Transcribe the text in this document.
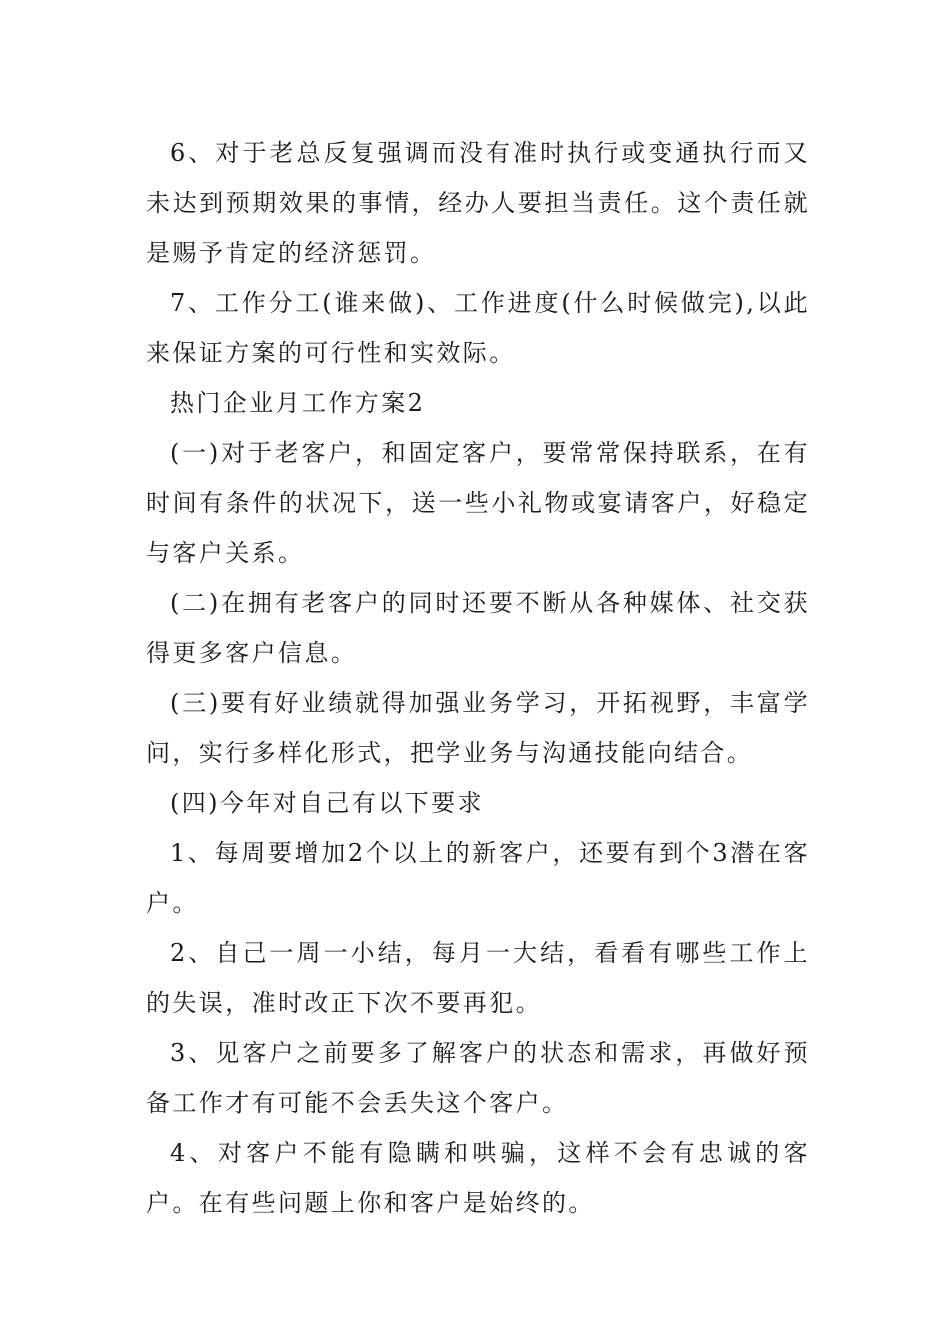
6、对于老总反复强调而没有准时执行或变通执行而又未达到预期效果的事情，经办人要担当责任。这个责任就是赐予肯定的经济惩罚。

7、工作分工(谁来做)、工作进度(什么时候做完),以此来保证方案的可行性和实效际。

热门企业月工作方案2

(一)对于老客户，和固定客户，要常常保持联系，在有时间有条件的状况下，送一些小礼物或宴请客户，好稳定与客户关系。

(二)在拥有老客户的同时还要不断从各种媒体、社交获得更多客户信息。

(三)要有好业绩就得加强业务学习，开拓视野，丰富学问，实行多样化形式，把学业务与沟通技能向结合。

(四)今年对自己有以下要求

1、每周要增加2个以上的新客户，还要有到个3潜在客户。

2、自己一周一小结，每月一大结，看看有哪些工作上的失误，准时改正下次不要再犯。

3、见客户之前要多了解客户的状态和需求，再做好预备工作才有可能不会丢失这个客户。

4、对客户不能有隐瞒和哄骗，这样不会有忠诚的客户。在有些问题上你和客户是始终的。
